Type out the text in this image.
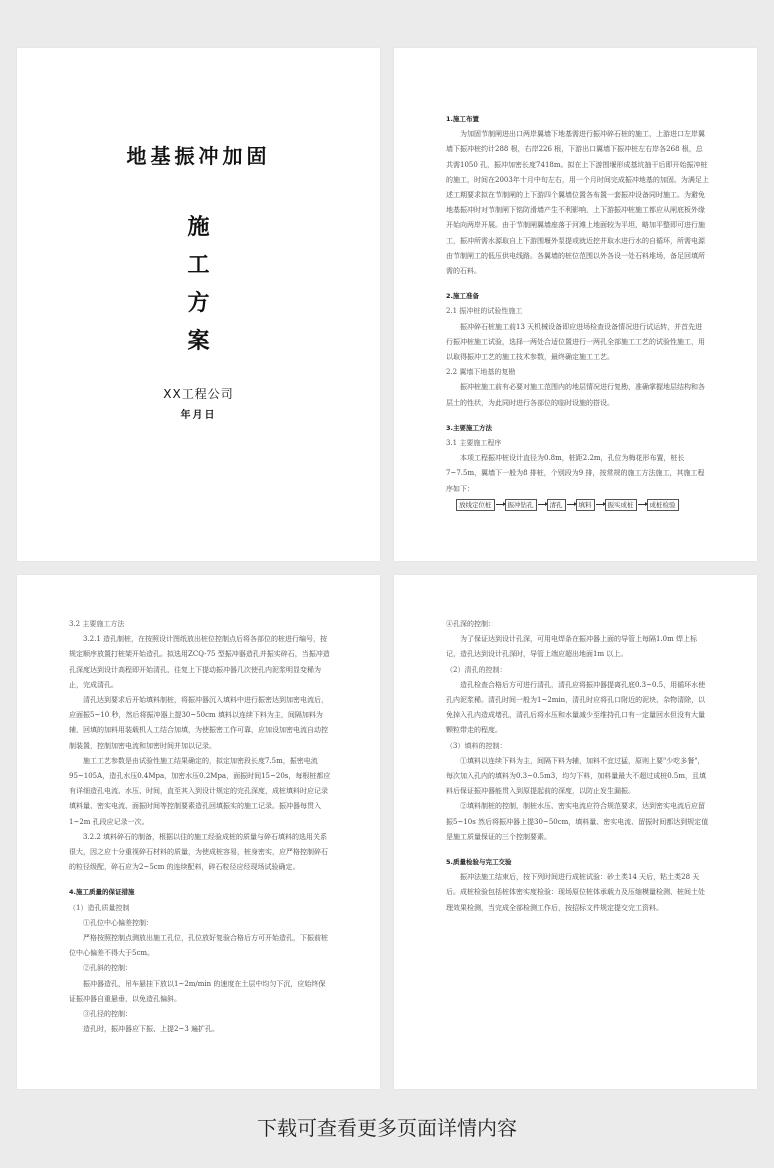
地基振冲加固
施
工
方
案
XX工程公司
年月日
1.施工布置
为加固节制闸进出口两岸翼墙下地基需进行振冲碎石桩的施工，上游进口左岸翼墙下振冲桩约计288 根，右岸226 根，下游出口翼墙下振冲桩左右岸各268 根，总共需1050 孔，振冲加密长度7418m。拟在上下游围堰形成基坑抽干后即开始振冲桩的施工，时间在2003年十月中旬左右，用一个月时间完成振冲地基的加固。为满足上述工期要求拟在节制闸的上下游四个翼墙位置各布置一套振冲设备同时施工。为避免地基振冲时对节制闸下铭防滑墙产生不利影响，上下游振冲桩施工都应从闸底板外缘开始向两岸开展。由于节制闸翼墙座落于河滩上地面较为平坦，略加平整即可进行施工，振冲所需水源取自上下游围堰外泵提或就近挖井取水进行水的自循环，所需电源由节制闸工的低压供电线路。各翼墙的桩位范围以外各设一处石料堆场，备足回填所需的石料。
2.施工准备
2.1 振冲桩的试验性施工
振冲碎石桩施工前13 天机械设备即应进场检查设备情况进行试运转，并首先进行振冲桩施工试验，选择一两处合适位置进行一两孔全部施工工艺的试验性施工，用以取得振冲工艺的施工技术参数，最终确定施工工艺。
2.2 翼墙下地基的复勘
振冲桩施工前有必要对施工范围内的地层情况进行复勘，准确掌握地层结构和各层土的性状，为此同时进行各部位的临时设施的搭设。
3.主要施工方法
3.1 主要施工程序
本项工程振冲桩设计直径为0.8m，桩距2.2m，孔位为梅花形布置，桩长7~7.5m，翼墙下一般为8 排桩，个别段为9 排，按常规的施工方法施工，其施工程序如下：
放线定位桩	振冲钻孔	清孔	填料	振实成桩	成桩检验
3.2 主要施工方法
3.2.1 造孔制桩，在按照设计图纸放出桩位控制点后将各部位的桩进行编号，按规定顺序放置打桩架开始造孔。拟选用ZCQ-75 型振冲器造孔并振实碎石，当振冲造孔深度达到设计高程即开始清孔，往复上下提动振冲器几次使孔内泥浆明显变稀为止，完成清孔。
清孔达到要求后开始填料制桩，将振冲器沉入填料中进行振密达到加密电流后，应面振5~10 秒，然后将振冲器上提30~50cm 填料以连续下料为主，间隔加料为辅，回填的加料用装载机人工结合加填，为使振密工作可靠，应加设加密电流自动控制装置，控制加密电流和加密时间并加以记录。
施工工艺参数是由试验性施工结果确定的，拟定加密段长度7.5m，振密电流95~105A，造孔水压0.4Mpa，加密水压0.2Mpa，面振时间15~20s，每根桩都应有详细造孔电流、水压、时间，直至其入到设计规定的完孔深度，成桩填料时应记录填料量、密实电流、面振时间等控制要素造孔回填振实的施工记录。振冲器每贯入1~2m 孔段应记录一次。
3.2.2 填料碎石的制备，根据以往的施工经验成桩的质量与碎石填料的选用关系很大，因之应十分重视碎石材料的质量，为使成桩容易，桩身密实，应严格控制碎石的粒径级配，碎石应为2~5cm 的连续配料，碎石粒径应经现场试验确定。
4.施工质量的保证措施
（1）造孔质量控制
①孔位中心偏差控制：
严格按照控制点测放出施工孔位，孔位放好复验合格后方可开始造孔，下振前桩位中心偏差不得大于5cm。
②孔斜的控制：
振冲器造孔，吊车悬挂下放以1~2m/min 的速度在土层中均匀下沉，应始终保证振冲器自重悬垂，以免造孔偏斜。
③孔径的控制：
造孔时，振冲器应下振、上提2~3 遍扩孔。
④孔深的控制：
为了保证达到设计孔深，可用电焊条在振冲器上面的导管上每隔1.0m 焊上标记，造孔达到设计孔深时，导管上端应超出地面1m 以上。
（2）清孔的控制：
造孔检查合格后方可进行清孔，清孔应将振冲器提离孔底0.3~0.5，用循环水使孔内泥浆稀。清孔时间一般为1~2min，清孔时应将孔口附近的泥块、杂物清除，以免掉入孔内造成堵孔，清孔后将水压和水量减少至维持孔口有一定量回水但没有大量颗粒带走的程度。
（3）填料的控制：
①填料以连续下料为主，间隔下料为辅，加料不宜过猛，原则上要"少吃多餐"，每次加入孔内的填料为0.3~0.5m3，均匀下料，加料量最大不超过成桩0.5m，且填料后保证振冲器能贯入到原提起前的深度，以防止发生漏振。
②填料制桩的控制，制桩水压、密实电流应符合规范要求，达到密实电流后应留振5~10s 然后将振冲器上提30~50cm，填料量、密实电流、留振时间都达到规定值是施工质量保证的三个控制要素。
5.质量检验与完工交验
振冲法施工结束后，按下列时间进行成桩试验：砂土类14 天后，粘土类28 天后。成桩检验包括桩体密实度检验：现场原位桩体承载力及压缩模量检测、桩间土处理效果检测，当完成全部检测工作后，按招标文件规定提交完工资料。
下载可查看更多页面详情内容
